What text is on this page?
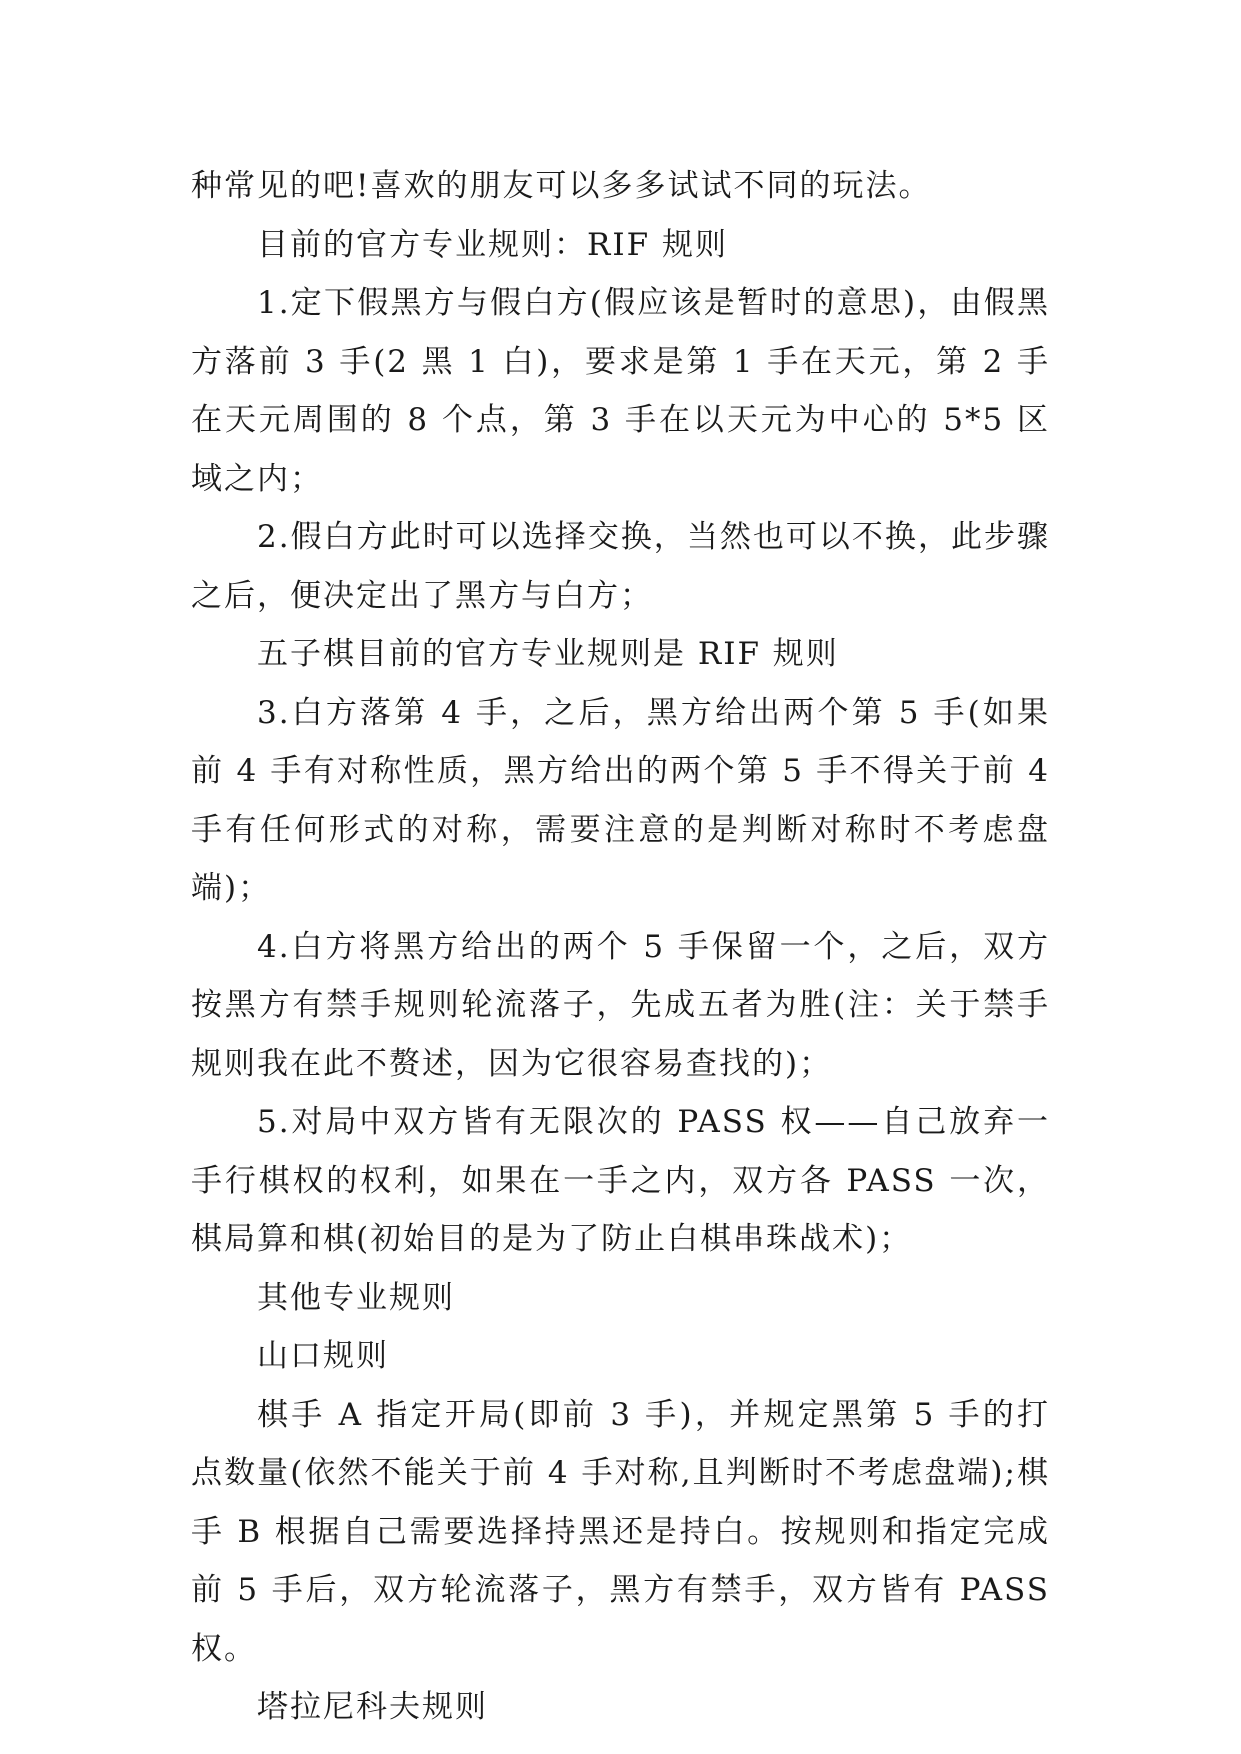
种常见的吧!喜欢的朋友可以多多试试不同的玩法。

目前的官方专业规则：RIF 规则

1.定下假黑方与假白方(假应该是暂时的意思)，由假黑方落前 3 手(2 黑 1 白)，要求是第 1 手在天元，第 2 手在天元周围的 8 个点，第 3 手在以天元为中心的 5*5 区域之内；

2.假白方此时可以选择交换，当然也可以不换，此步骤之后，便决定出了黑方与白方；

五子棋目前的官方专业规则是 RIF 规则

3.白方落第 4 手，之后，黑方给出两个第 5 手(如果前 4 手有对称性质，黑方给出的两个第 5 手不得关于前 4 手有任何形式的对称，需要注意的是判断对称时不考虑盘端)；

4.白方将黑方给出的两个 5 手保留一个，之后，双方按黑方有禁手规则轮流落子，先成五者为胜(注：关于禁手规则我在此不赘述，因为它很容易查找的)；

5.对局中双方皆有无限次的 PASS 权——自己放弃一手行棋权的权利，如果在一手之内，双方各 PASS 一次，棋局算和棋(初始目的是为了防止白棋串珠战术)；

其他专业规则

山口规则

棋手 A 指定开局(即前 3 手)，并规定黑第 5 手的打点数量(依然不能关于前 4 手对称,且判断时不考虑盘端);棋手 B 根据自己需要选择持黑还是持白。按规则和指定完成前 5 手后，双方轮流落子，黑方有禁手，双方皆有 PASS 权。

塔拉尼科夫规则
